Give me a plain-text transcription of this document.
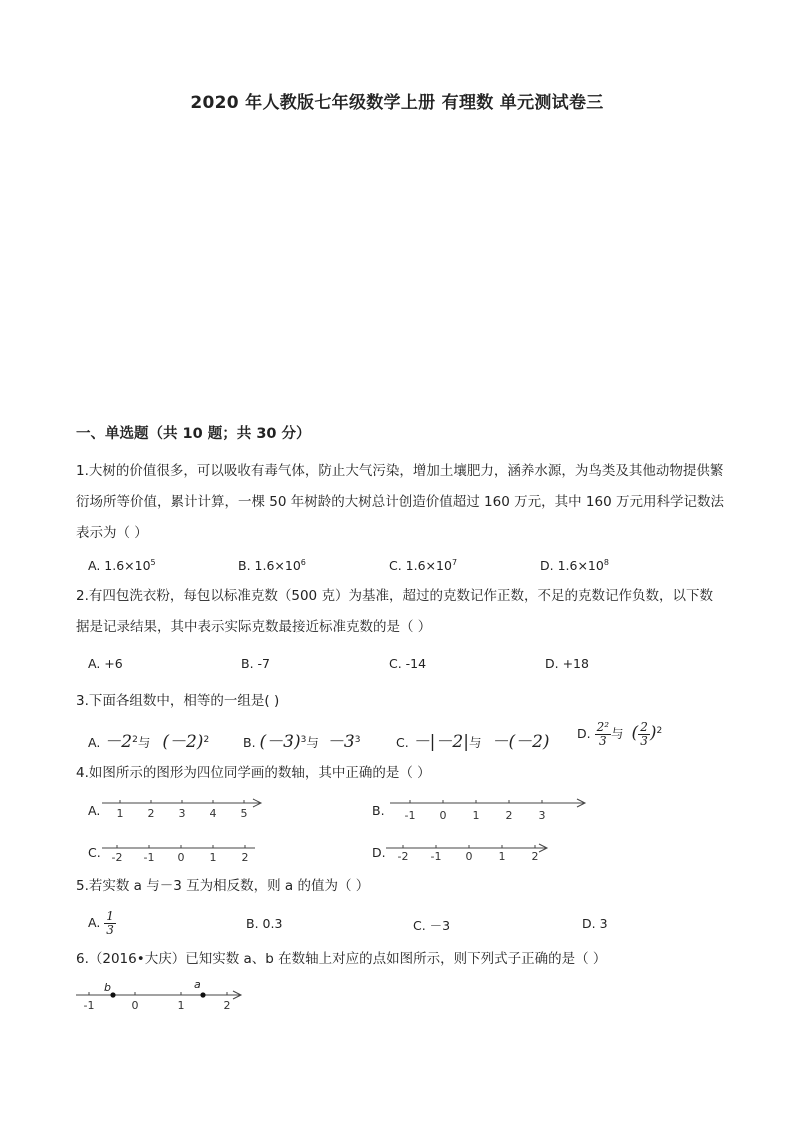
2020 年人教版七年级数学上册 有理数 单元测试卷三
一、单选题（共 10 题；共 30 分）
1.大树的价值很多，可以吸收有毒气体，防止大气污染，增加土壤肥力，涵养水源，为鸟类及其他动物提供繁衍场所等价值，累计计算，一棵 50 年树龄的大树总计创造价值超过 160 万元，其中 160 万元用科学记数法表示为（ ）
A. $1.6\times 10^5$	B. $1.6\times 10^6$	C. $1.6\times 10^7$	D. $1.6\times 10^8$
2.有四包洗衣粉，每包以标准克数（500 克）为基准，超过的克数记作正数，不足的克数记作负数，以下数据是记录结果，其中表示实际克数最接近标准克数的是（ ）
A. +6	B. -7	C. -14	D. +18
3.下面各组数中，相等的一组是( )
A. $-2^2$与 $(-2)^2$	B. $(-3)^3$与 $-3^3$	C. －|－2|与 －(－2) D. $\frac{\text{2²}}{3}$ 与 ( $\frac{2}{3} )^2$
4.如图所示的图形为四位同学画的数轴，其中正确的是（ ）
A. 1 2 3 4 5	B. -1 0 1 2 3
C. -2 -1 0 1 2	D. -2 -1 0 1 2
5.若实数 a 与－3 互为相反数，则 a 的值为（ ）
A. $\frac{1}{3}$	B. 0.3	C. －3	D. 3
6.（2016•大庆）已知实数 a、b 在数轴上对应的点如图所示，则下列式子正确的是（ ）
-1	0	1	2
b	a
